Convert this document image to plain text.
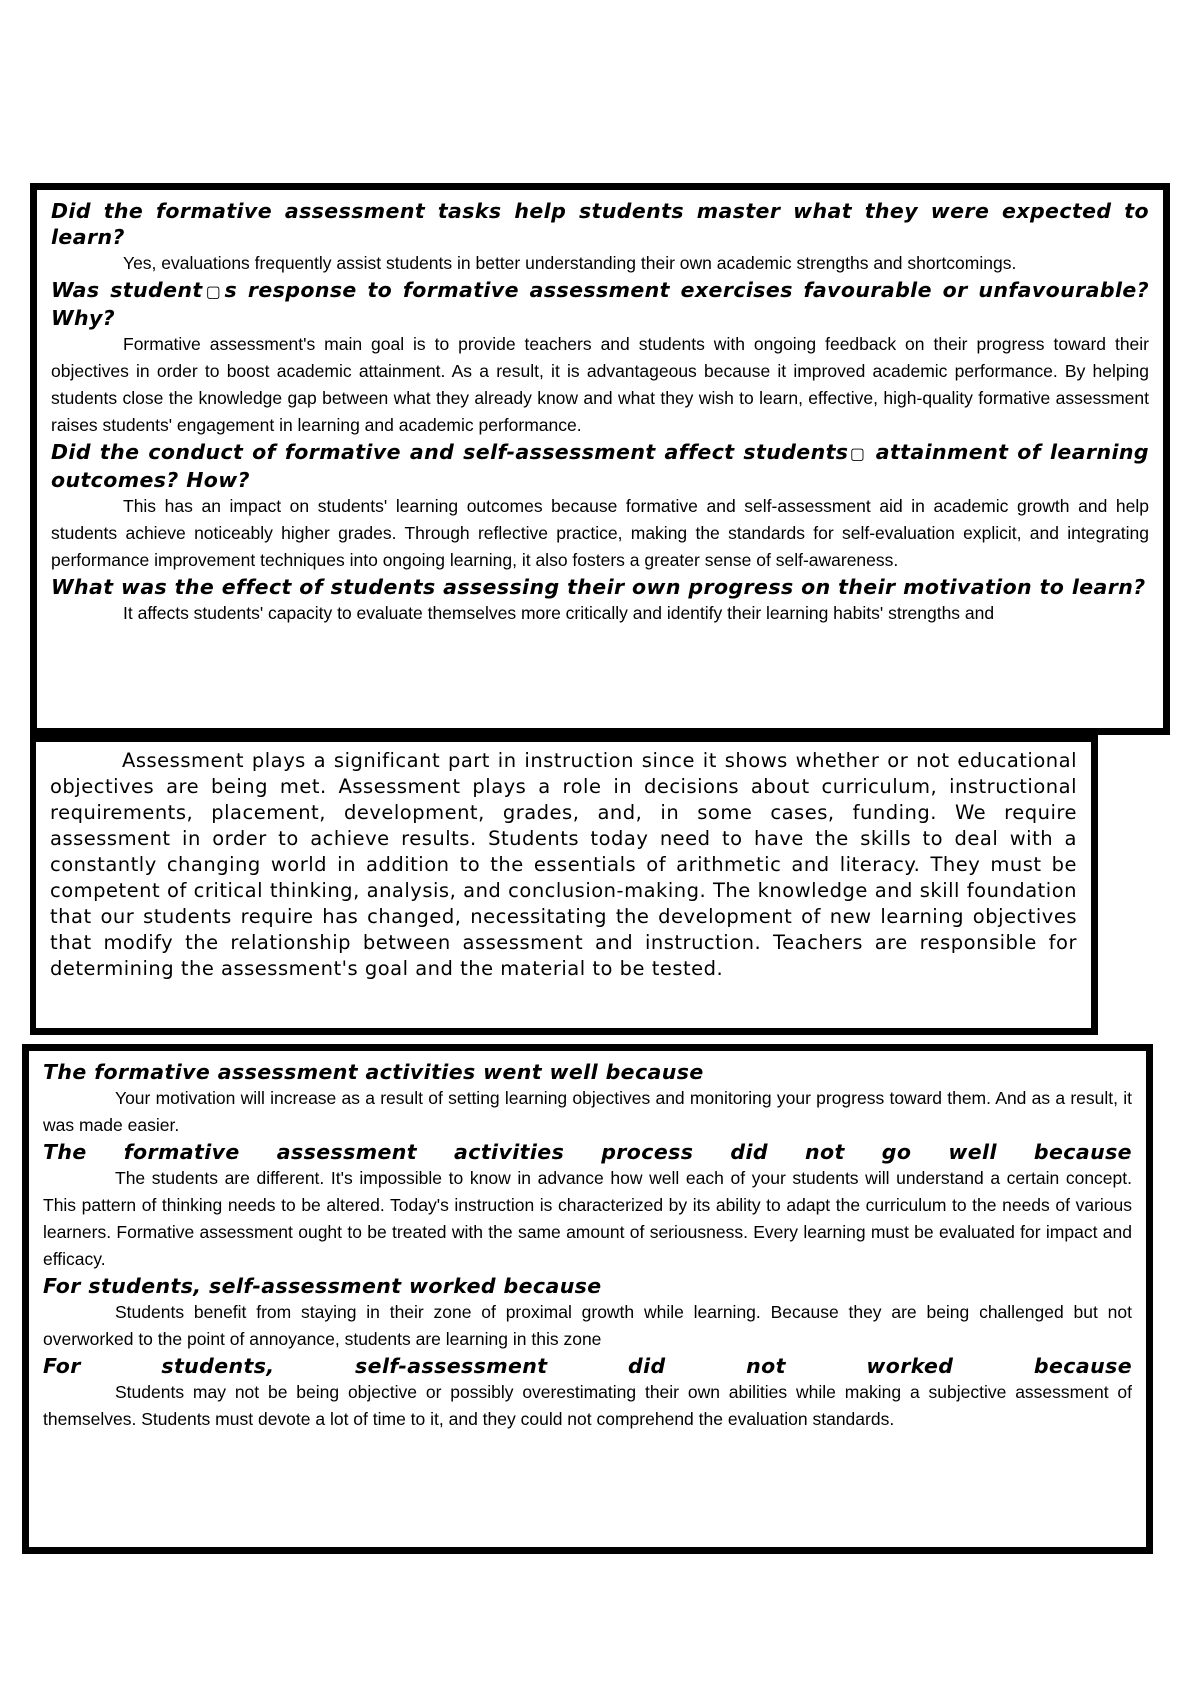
Did the formative assessment tasks help students master what they were expected to learn?

Yes, evaluations frequently assist students in better understanding their own academic strengths and shortcomings.

Was student▢s response to formative assessment exercises favourable or unfavourable? Why?

Formative assessment's main goal is to provide teachers and students with ongoing feedback on their progress toward their objectives in order to boost academic attainment. As a result, it is advantageous because it improved academic performance. By helping students close the knowledge gap between what they already know and what they wish to learn, effective, high-quality formative assessment raises students' engagement in learning and academic performance.

Did the conduct of formative and self-assessment affect students▢ attainment of learning outcomes? How?

This has an impact on students' learning outcomes because formative and self-assessment aid in academic growth and help students achieve noticeably higher grades. Through reflective practice, making the standards for self-evaluation explicit, and integrating performance improvement techniques into ongoing learning, it also fosters a greater sense of self-awareness.

What was the effect of students assessing their own progress on their motivation to learn?

It affects students' capacity to evaluate themselves more critically and identify their learning habits' strengths and

Assessment plays a significant part in instruction since it shows whether or not educational objectives are being met. Assessment plays a role in decisions about curriculum, instructional requirements, placement, development, grades, and, in some cases, funding. We require assessment in order to achieve results. Students today need to have the skills to deal with a constantly changing world in addition to the essentials of arithmetic and literacy. They must be competent of critical thinking, analysis, and conclusion-making. The knowledge and skill foundation that our students require has changed, necessitating the development of new learning objectives that modify the relationship between assessment and instruction. Teachers are responsible for determining the assessment's goal and the material to be tested.

The formative assessment activities went well because

Your motivation will increase as a result of setting learning objectives and monitoring your progress toward them. And as a result, it was made easier.

The formative assessment activities process did not go well because

The students are different. It's impossible to know in advance how well each of your students will understand a certain concept. This pattern of thinking needs to be altered. Today's instruction is characterized by its ability to adapt the curriculum to the needs of various learners. Formative assessment ought to be treated with the same amount of seriousness. Every learning must be evaluated for impact and efficacy.

For students, self-assessment worked because

Students benefit from staying in their zone of proximal growth while learning. Because they are being challenged but not overworked to the point of annoyance, students are learning in this zone

For students, self-assessment did not worked because

Students may not be being objective or possibly overestimating their own abilities while making a subjective assessment of themselves. Students must devote a lot of time to it, and they could not comprehend the evaluation standards.
